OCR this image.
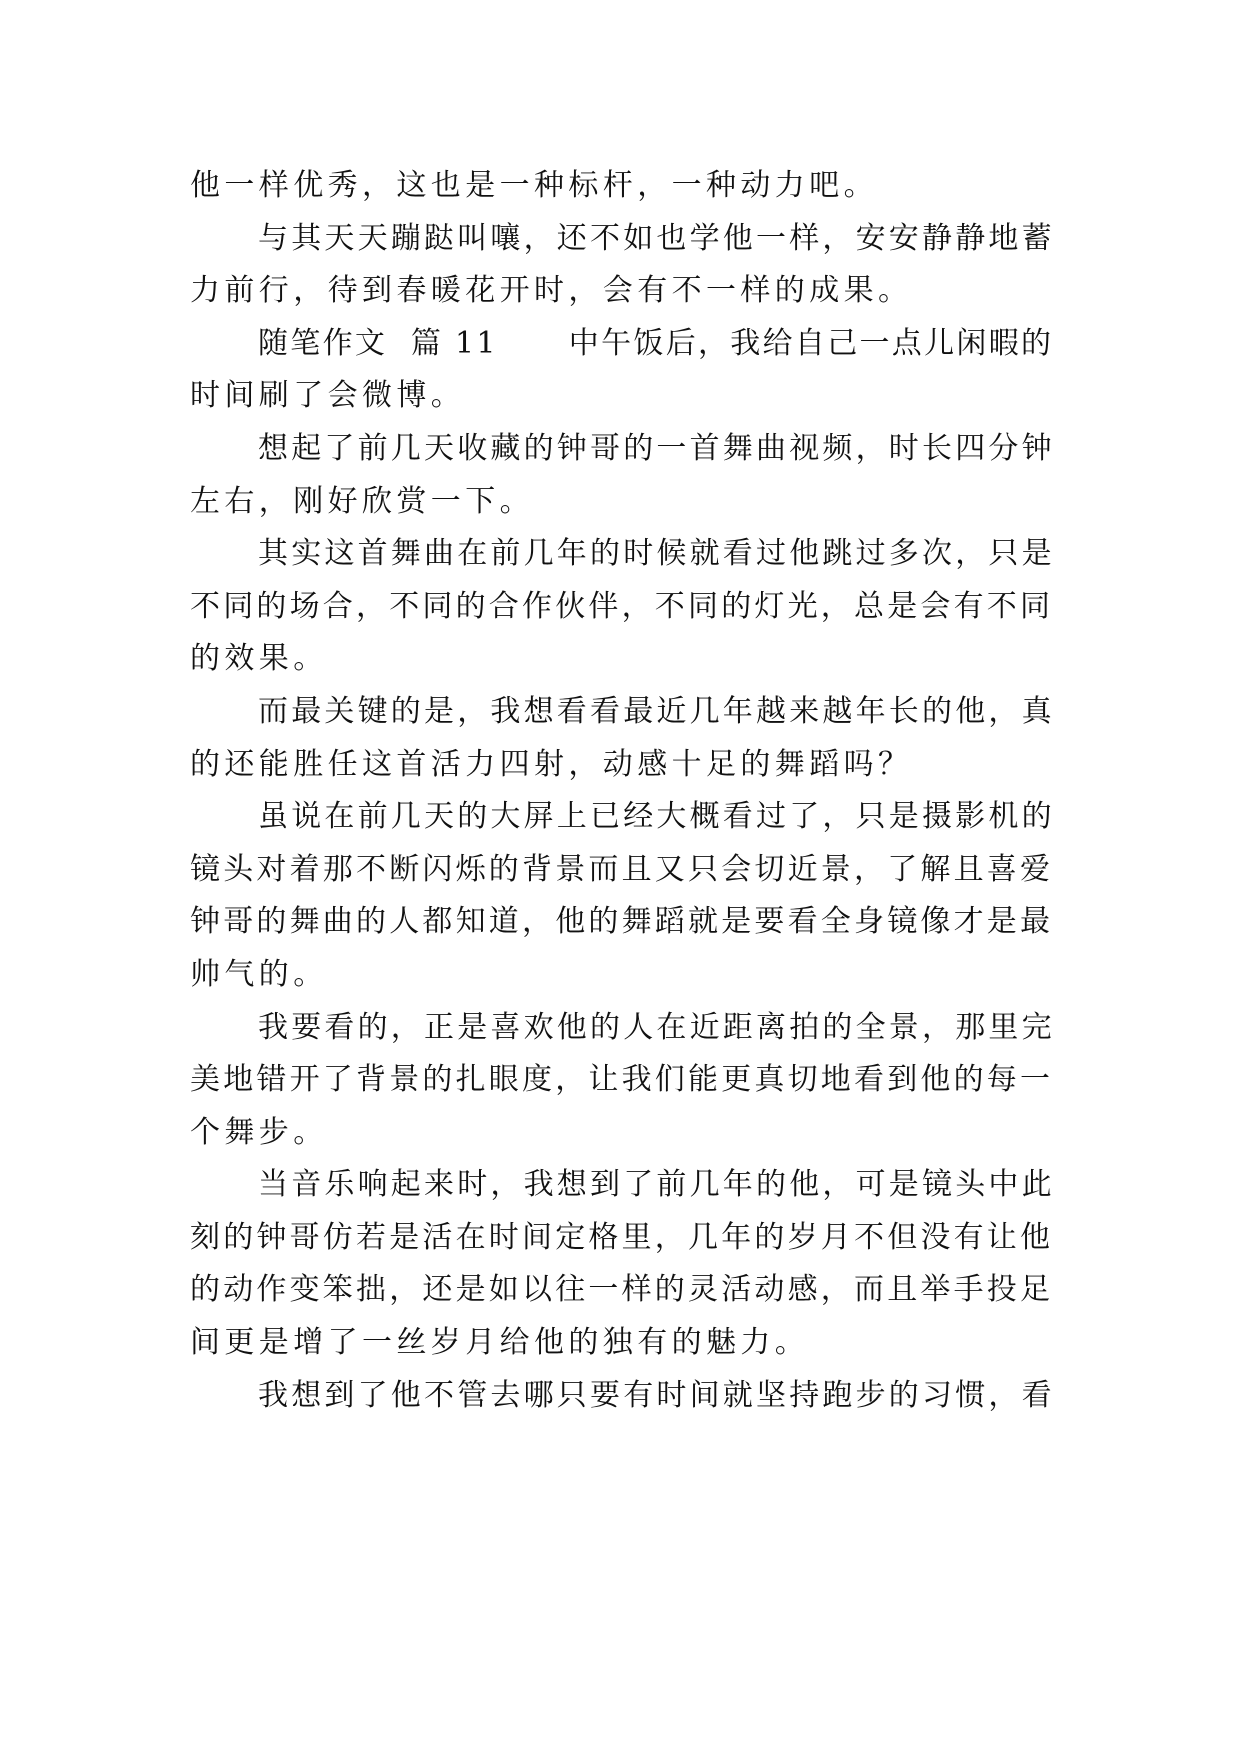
他一样优秀，这也是一种标杆，一种动力吧。
与其天天蹦跶叫嚷，还不如也学他一样，安安静静地蓄
力前行，待到春暖花开时，会有不一样的成果。
随笔作文  篇 11      中午饭后，我给自己一点儿闲暇的
时间刷了会微博。
想起了前几天收藏的钟哥的一首舞曲视频，时长四分钟
左右，刚好欣赏一下。
其实这首舞曲在前几年的时候就看过他跳过多次，只是
不同的场合，不同的合作伙伴，不同的灯光，总是会有不同
的效果。
而最关键的是，我想看看最近几年越来越年长的他，真
的还能胜任这首活力四射，动感十足的舞蹈吗？
虽说在前几天的大屏上已经大概看过了，只是摄影机的
镜头对着那不断闪烁的背景而且又只会切近景，了解且喜爱
钟哥的舞曲的人都知道，他的舞蹈就是要看全身镜像才是最
帅气的。
我要看的，正是喜欢他的人在近距离拍的全景，那里完
美地错开了背景的扎眼度，让我们能更真切地看到他的每一
个舞步。
当音乐响起来时，我想到了前几年的他，可是镜头中此
刻的钟哥仿若是活在时间定格里，几年的岁月不但没有让他
的动作变笨拙，还是如以往一样的灵活动感，而且举手投足
间更是增了一丝岁月给他的独有的魅力。
我想到了他不管去哪只要有时间就坚持跑步的习惯，看
